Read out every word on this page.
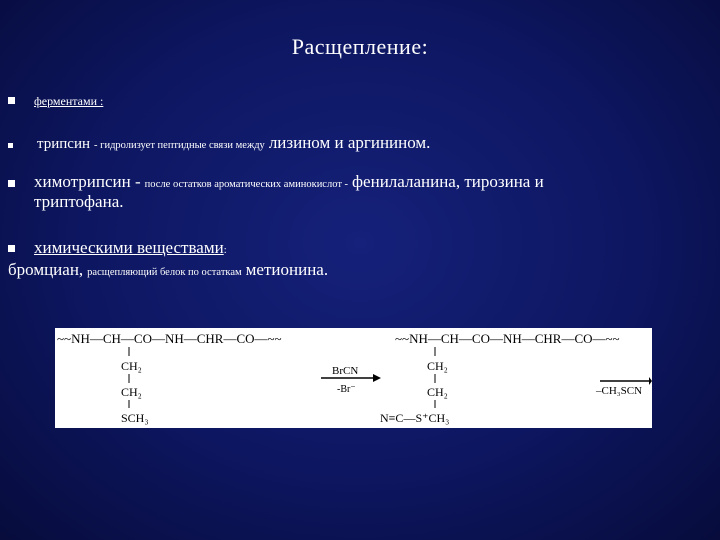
Расщепление:
ферментами :
трипсин - гидролизует пептидные связи между лизином и аргинином.
химотрипсин - после остатков ароматических аминокислот - фенилаланина, тирозина и
триптофана.
химическими веществами:
бромциан, расщепляющий белок по остаткам метионина.
~~NH—CH—CO—NH—CHR—CO—~~
CH₂
CH₂
SCH₃
BrCN
-Br⁻
~~NH—CH—CO—NH—CHR—CO—~~
CH₂
CH₂
N≡C—S⁺CH₃
–CH₃SCN
